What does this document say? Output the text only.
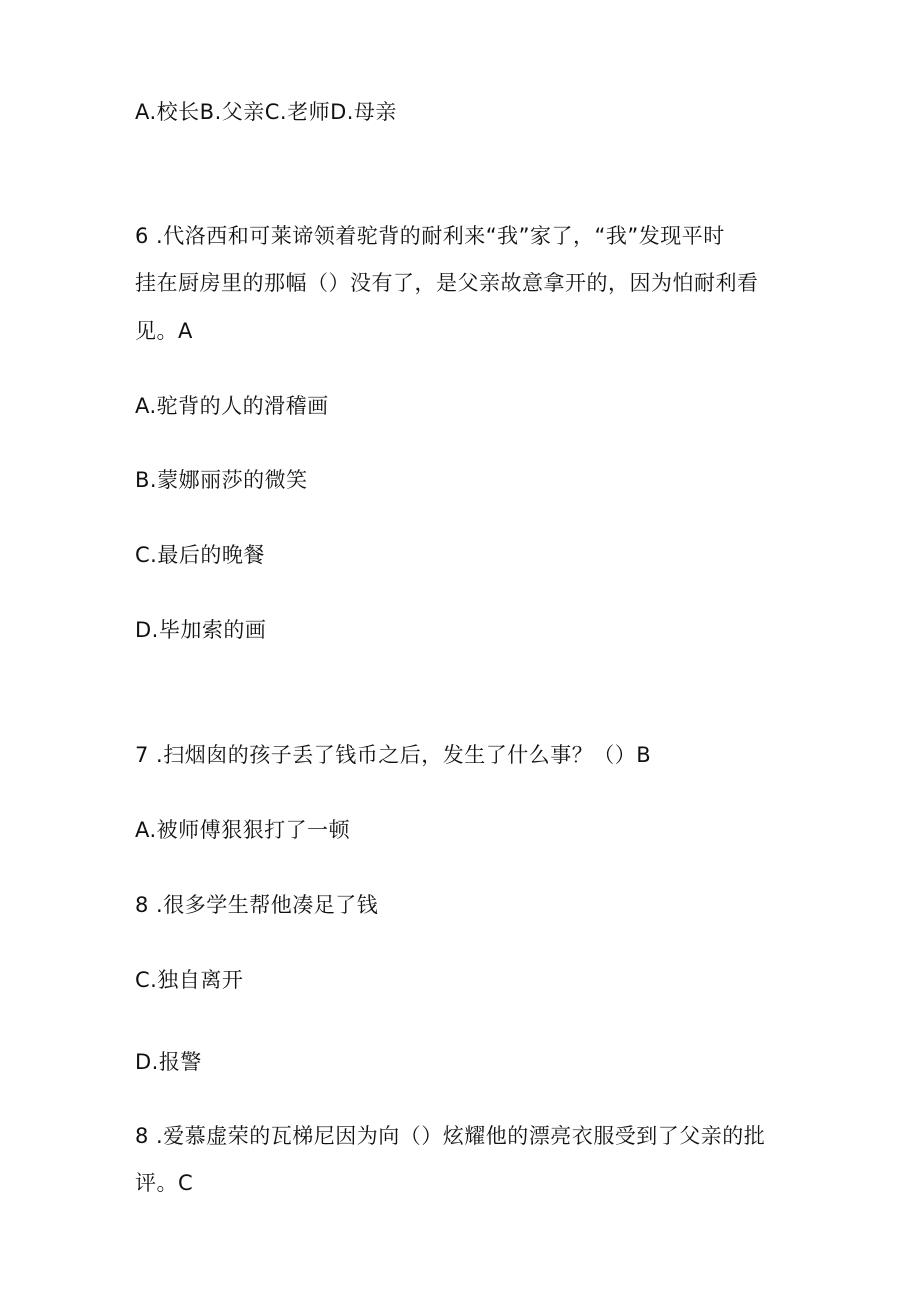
A.校长B.父亲C.老师D.母亲

6 .代洛西和可莱谛领着驼背的耐利来“我”家了，“我”发现平时

挂在厨房里的那幅（）没有了，是父亲故意拿开的，因为怕耐利看

见。A

A.驼背的人的滑稽画

B.蒙娜丽莎的微笑

C.最后的晚餐

D.毕加索的画

7 .扫烟囱的孩子丢了钱币之后，发生了什么事？（）B

A.被师傅狠狠打了一顿

8 .很多学生帮他凑足了钱

C.独自离开

D.报警

8 .爱慕虚荣的瓦梯尼因为向（）炫耀他的漂亮衣服受到了父亲的批

评。C
